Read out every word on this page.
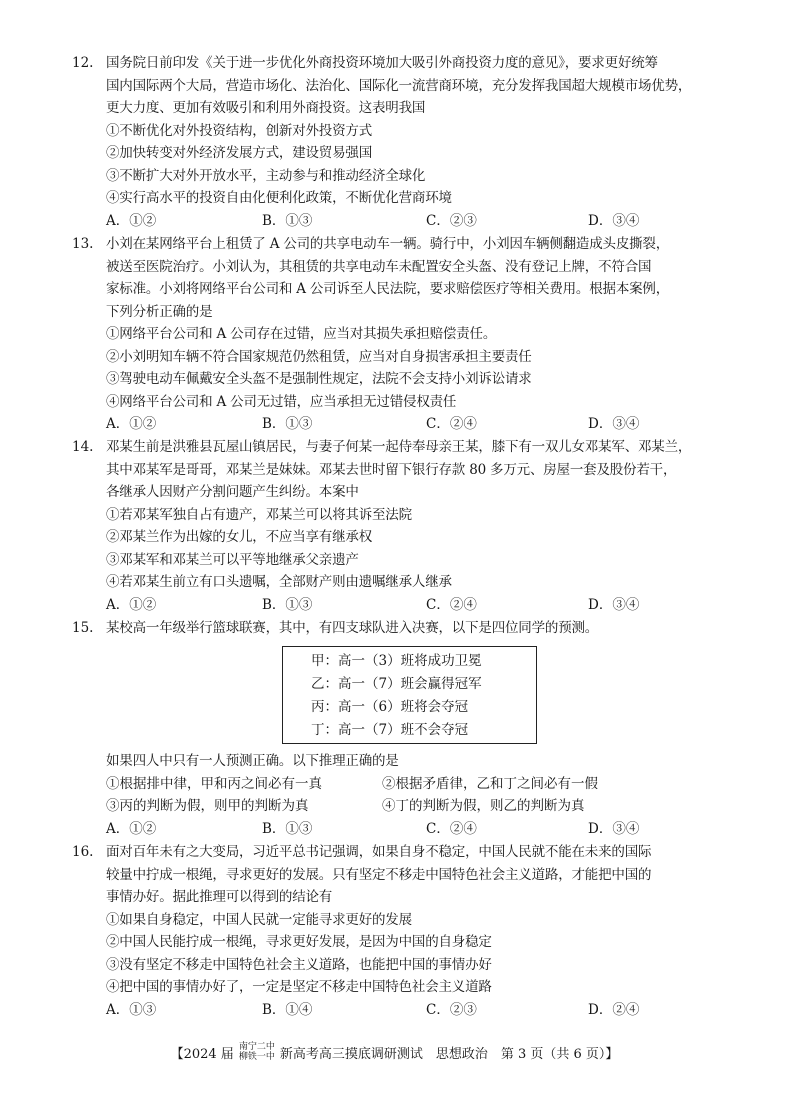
12. 国务院日前印发《关于进一步优化外商投资环境加大吸引外商投资力度的意见》，要求更好统筹
国内国际两个大局，营造市场化、法治化、国际化一流营商环境，充分发挥我国超大规模市场优势，
更大力度、更加有效吸引和利用外商投资。这表明我国
①不断优化对外投资结构，创新对外投资方式
②加快转变对外经济发展方式，建设贸易强国
③不断扩大对外开放水平，主动参与和推动经济全球化
④实行高水平的投资自由化便利化政策，不断优化营商环境
A．①②	B．①③	C．②③	D．③④
13. 小刘在某网络平台上租赁了 A 公司的共享电动车一辆。骑行中，小刘因车辆侧翻造成头皮撕裂，
被送至医院治疗。小刘认为，其租赁的共享电动车未配置安全头盔、没有登记上牌，不符合国
家标准。小刘将网络平台公司和 A 公司诉至人民法院，要求赔偿医疗等相关费用。根据本案例，
下列分析正确的是
①网络平台公司和 A 公司存在过错，应当对其损失承担赔偿责任。
②小刘明知车辆不符合国家规范仍然租赁，应当对自身损害承担主要责任
③驾驶电动车佩戴安全头盔不是强制性规定，法院不会支持小刘诉讼请求
④网络平台公司和 A 公司无过错，应当承担无过错侵权责任
A．①②	B．①③	C．②④	D．③④
14. 邓某生前是洪雅县瓦屋山镇居民，与妻子何某一起侍奉母亲王某，膝下有一双儿女邓某军、邓某兰，
其中邓某军是哥哥，邓某兰是妹妹。邓某去世时留下银行存款 80 多万元、房屋一套及股份若干，
各继承人因财产分割问题产生纠纷。本案中
①若邓某军独自占有遗产，邓某兰可以将其诉至法院
②邓某兰作为出嫁的女儿，不应当享有继承权
③邓某军和邓某兰可以平等地继承父亲遗产
④若邓某生前立有口头遗嘱，全部财产则由遗嘱继承人继承
A．①②	B．①③	C．②④	D．③④
15. 某校高一年级举行篮球联赛，其中，有四支球队进入决赛，以下是四位同学的预测。
甲：高一（3）班将成功卫冕
乙：高一（7）班会赢得冠军
丙：高一（6）班将会夺冠
丁：高一（7）班不会夺冠
如果四人中只有一人预测正确。以下推理正确的是
①根据排中律，甲和丙之间必有一真	②根据矛盾律，乙和丁之间必有一假
③丙的判断为假，则甲的判断为真	④丁的判断为假，则乙的判断为真
A．①②	B．①③	C．②④	D．③④
16. 面对百年未有之大变局，习近平总书记强调，如果自身不稳定，中国人民就不能在未来的国际
较量中拧成一根绳，寻求更好的发展。只有坚定不移走中国特色社会主义道路，才能把中国的
事情办好。据此推理可以得到的结论有
①如果自身稳定，中国人民就一定能寻求更好的发展
②中国人民能拧成一根绳，寻求更好发展，是因为中国的自身稳定
③没有坚定不移走中国特色社会主义道路，也能把中国的事情办好
④把中国的事情办好了，一定是坚定不移走中国特色社会主义道路
A．①③	B．①④	C．②③	D．②④
【2024 届 南宁二中
柳铁一中 新高考高三摸底调研测试　思想政治　第 3 页（共 6 页）】
